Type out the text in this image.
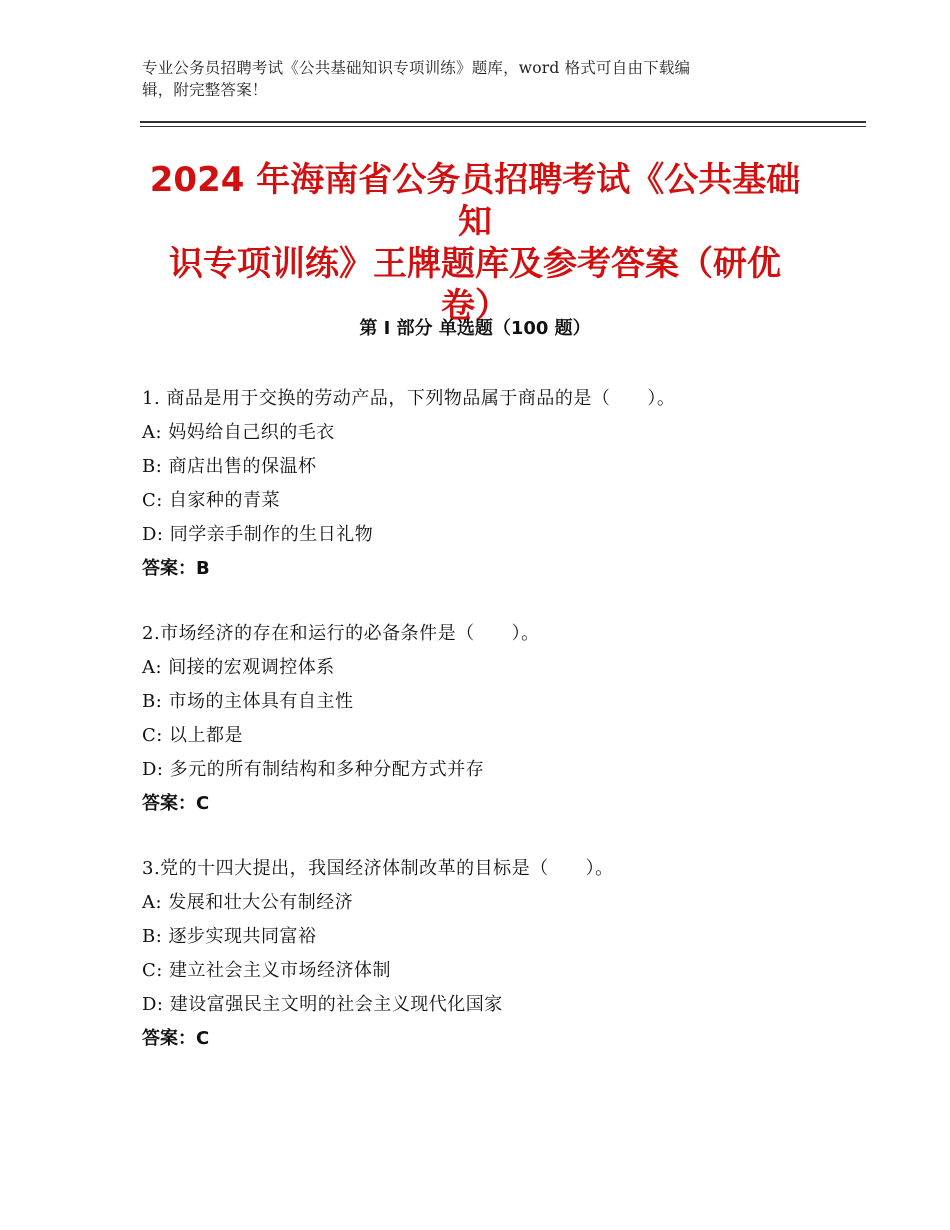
专业公务员招聘考试《公共基础知识专项训练》题库，word 格式可自由下载编
辑，附完整答案！
2024 年海南省公务员招聘考试《公共基础知
识专项训练》王牌题库及参考答案（研优
卷）
第 I 部分 单选题（100 题）
1. 商品是用于交换的劳动产品，下列物品属于商品的是（　　）。
A: 妈妈给自己织的毛衣
B: 商店出售的保温杯
C: 自家种的青菜
D: 同学亲手制作的生日礼物
答案：B
2.市场经济的存在和运行的必备条件是（　　）。
A: 间接的宏观调控体系
B: 市场的主体具有自主性
C: 以上都是
D: 多元的所有制结构和多种分配方式并存
答案：C
3.党的十四大提出，我国经济体制改革的目标是（　　）。
A: 发展和壮大公有制经济
B: 逐步实现共同富裕
C: 建立社会主义市场经济体制
D: 建设富强民主文明的社会主义现代化国家
答案：C
